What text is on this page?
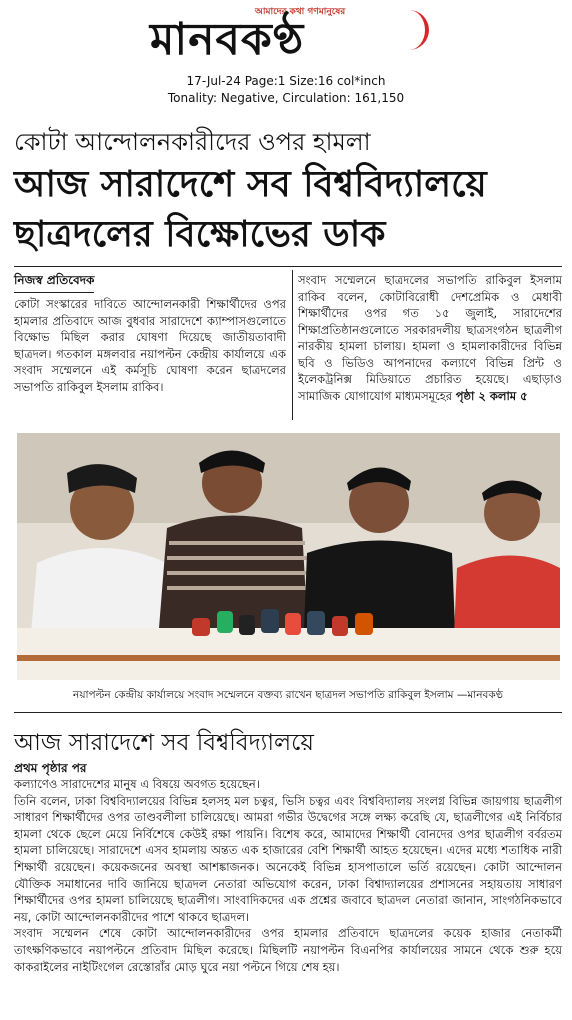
আমাদের কথা গণমানুষের
মানবকণ্ঠ
17-Jul-24 Page:1 Size:16 col*inch
Tonality: Negative, Circulation: 161,150
কোটা আন্দোলনকারীদের ওপর হামলা
আজ সারাদেশে সব বিশ্ববিদ্যালয়ে ছাত্রদলের বিক্ষোভের ডাক
নিজস্ব প্রতিবেদক
কোটা সংস্কারের দাবিতে আন্দোলনকারী শিক্ষার্থীদের ওপর হামলার প্রতিবাদে আজ বুধবার সারাদেশে ক্যাম্পাসগুলোতে বিক্ষোভ মিছিল করার ঘোষণা দিয়েছে জাতীয়তাবাদী ছাত্রদল। গতকাল মঙ্গলবার নয়াপল্টন কেন্দ্রীয় কার্যালয়ে এক সংবাদ সম্মেলনে এই কর্মসূচি ঘোষণা করেন ছাত্রদলের সভাপতি রাকিবুল ইসলাম রাকিব।
সংবাদ সম্মেলনে ছাত্রদলের সভাপতি রাকিবুল ইসলাম রাকিব বলেন, কোটাবিরোধী দেশপ্রেমিক ও মেধাবী শিক্ষার্থীদের ওপর গত ১৫ জুলাই, সারাদেশের শিক্ষাপ্রতিষ্ঠানগুলোতে সরকারদলীয় ছাত্রসংগঠন ছাত্রলীগ নারকীয় হামলা চালায়। হামলা ও হামলাকারীদের বিভিন্ন ছবি ও ভিডিও আপনাদের কল্যাণে বিভিন্ন প্রিন্ট ও ইলেকট্রনিক্স মিডিয়াতে প্রচারিত হয়েছে। এছাড়াও সামাজিক যোগাযোগ মাধ্যমসমূহের পৃষ্ঠা ২ কলাম ৫
নয়াপল্টন কেন্দ্রীয় কার্যালয়ে সংবাদ সম্মেলনে বক্তব্য রাখেন ছাত্রদল সভাপতি রাকিবুল ইসলাম —মানবকণ্ঠ
আজ সারাদেশে সব বিশ্ববিদ্যালয়ে
প্রথম পৃষ্ঠার পর

কল্যাণেও সারাদেশের মানুষ এ বিষয়ে অবগত হয়েছেন।

তিনি বলেন, ঢাকা বিশ্ববিদ্যালয়ের বিভিন্ন হলসহ মল চত্বর, ভিসি চত্বর এবং বিশ্ববিদ্যালয় সংলগ্ন বিভিন্ন জায়গায় ছাত্রলীগ সাধারণ শিক্ষার্থীদের ওপর তাণ্ডবলীলা চালিয়েছে। আমরা গভীর উদ্বেগের সঙ্গে লক্ষ্য করেছি যে, ছাত্রলীগের এই নির্বিচার হামলা থেকে ছেলে মেয়ে নির্বিশেষে কেউই রক্ষা পায়নি। বিশেষ করে, আমাদের শিক্ষার্থী বোনদের ওপর ছাত্রলীগ বর্বরতম হামলা চালিয়েছে। সারাদেশে এসব হামলায় অন্তত এক হাজারের বেশি শিক্ষার্থী আহত হয়েছেন। এদের মধ্যে শতাধিক নারী শিক্ষার্থী রয়েছেন। কয়েকজনের অবস্থা আশঙ্কাজনক। অনেকেই বিভিন্ন হাসপাতালে ভর্তি রয়েছেন। কোটা আন্দোলন যৌক্তিক সমাধানের দাবি জানিয়ে ছাত্রদল নেতারা অভিযোগ করেন, ঢাকা বিশ্বাদ্যালয়ের প্রশাসনের সহায়তায় সাধারণ শিক্ষার্থীদের ওপর হামলা চালিয়েছে ছাত্রলীগ। সাংবাদিকদের এক প্রশ্নের জবাবে ছাত্রদল নেতারা জানান, সাংগঠনিকভাবে নয়, কোটা আন্দোলনকারীদের পাশে থাকবে ছাত্রদল।

সংবাদ সম্মেলন শেষে কোটা আন্দোলনকারীদের ওপর হামলার প্রতিবাদে ছাত্রদলের কয়েক হাজার নেতাকর্মী তাৎক্ষণিকভাবে নয়াপল্টনে প্রতিবাদ মিছিল করেছে। মিছিলটি নয়াপল্টন বিএনপির কার্যালয়ের সামনে থেকে শুরু হয়ে কাকরাইলের নাইটিংগেল রেস্তোরাঁর মোড় ঘুরে নয়া পল্টনে গিয়ে শেষ হয়।
